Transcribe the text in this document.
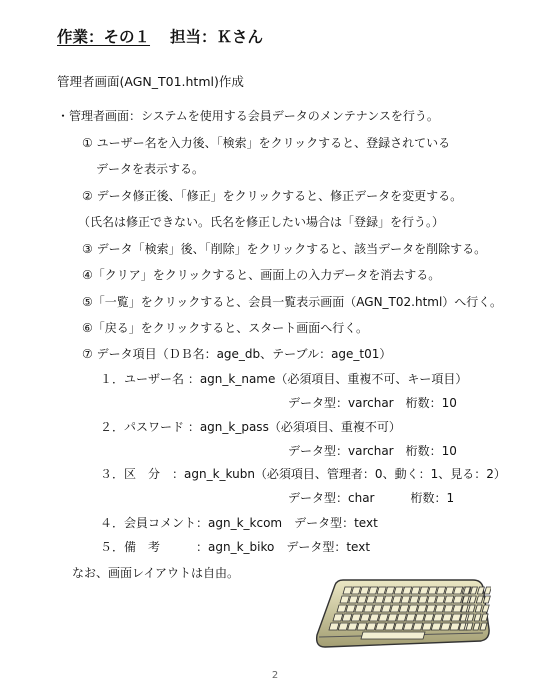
作業：その１ 担当：Ｋさん
管理者画面(AGN_T01.html)作成
・管理者画面：システムを使用する会員データのメンテナンスを行う。
① ユーザー名を入力後、「検索」をクリックすると、登録されている
データを表示する。
② データ修正後、「修正」をクリックすると、修正データを変更する。
（氏名は修正できない。氏名を修正したい場合は「登録」を行う。）
③ データ「検索」後、「削除」をクリックすると、該当データを削除する。
④「クリア」をクリックすると、画面上の入力データを消去する。
⑤「一覧」をクリックすると、会員一覧表示画面（AGN_T02.html）へ行く。
⑥「戻る」をクリックすると、スタート画面へ行く。
⑦ データ項目（ＤＢ名：age_db、テーブル：age_t01）
１．ユーザー名 ：agn_k_name（必須項目、重複不可、キー項目）
データ型：varchar　桁数：10
２．パスワード ：agn_k_pass（必須項目、重複不可）
データ型：varchar　桁数：10
３．区　分　：agn_k_kubn（必須項目、管理者：0、動く：1、見る：2）
データ型：char　　　桁数：1
４．会員コメント：agn_k_kcom　データ型：text
５．備　考　　　：agn_k_biko　データ型：text
なお、画面レイアウトは自由。
2
